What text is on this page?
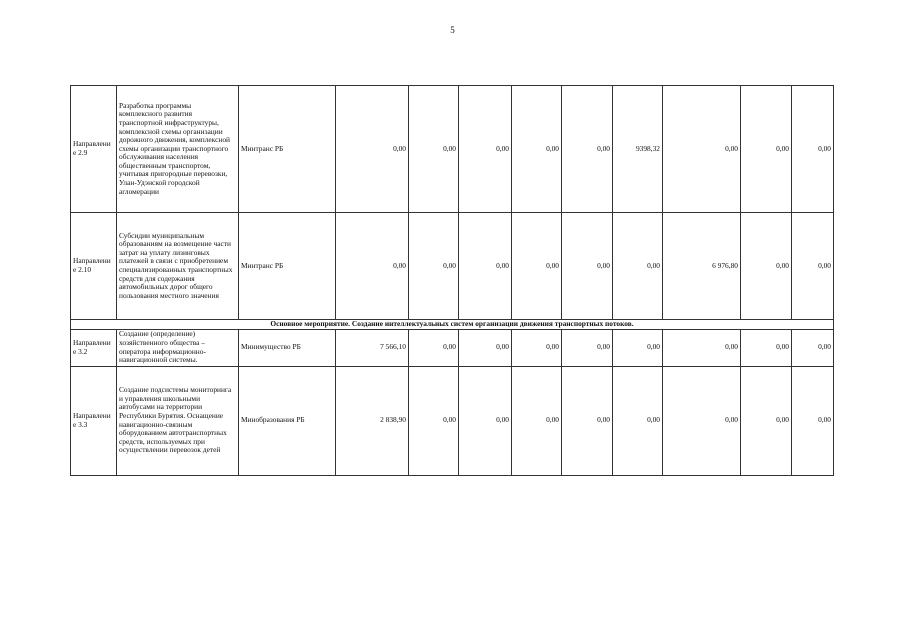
5
Направлени е 2.9	Разработка программы комплексного развития транспортной инфраструктуры, комплексной схемы организации дорожного движения, комплексной схемы организации транспортного обслуживания населения общественным транспортом, учитывая пригородные перевозки, Улан-Удэнской городской агломерации	Минтранс РБ	0,00	0,00	0,00	0,00	0,00	9398,32	0,00	0,00	0,00
Направлени е 2.10	Субсидии муниципальным образованиям на возмещение части затрат на уплату лизинговых платежей в связи с приобретением специализированных транспортных средств для содержания автомобильных дорог общего пользования местного значения	Минтранс РБ	0,00	0,00	0,00	0,00	0,00	0,00	6 976,80	0,00	0,00
Основное мероприятие. Создание интеллектуальных систем организации движения транспортных потоков.											
Направлени е 3.2	Создание (определение) хозяйственного общества – оператора информационно-навигационной системы.	Минимущество РБ	7 566,10	0,00	0,00	0,00	0,00	0,00	0,00	0,00	0,00
Направлени е 3.3	Создание подсистемы мониторинга и управления школьными автобусами на территории Республики Бурятия. Оснащение навигационно-связным оборудованием автотранспортных средств, используемых при осуществлении перевозок детей	Минобразования РБ	2 838,90	0,00	0,00	0,00	0,00	0,00	0,00	0,00	0,00
